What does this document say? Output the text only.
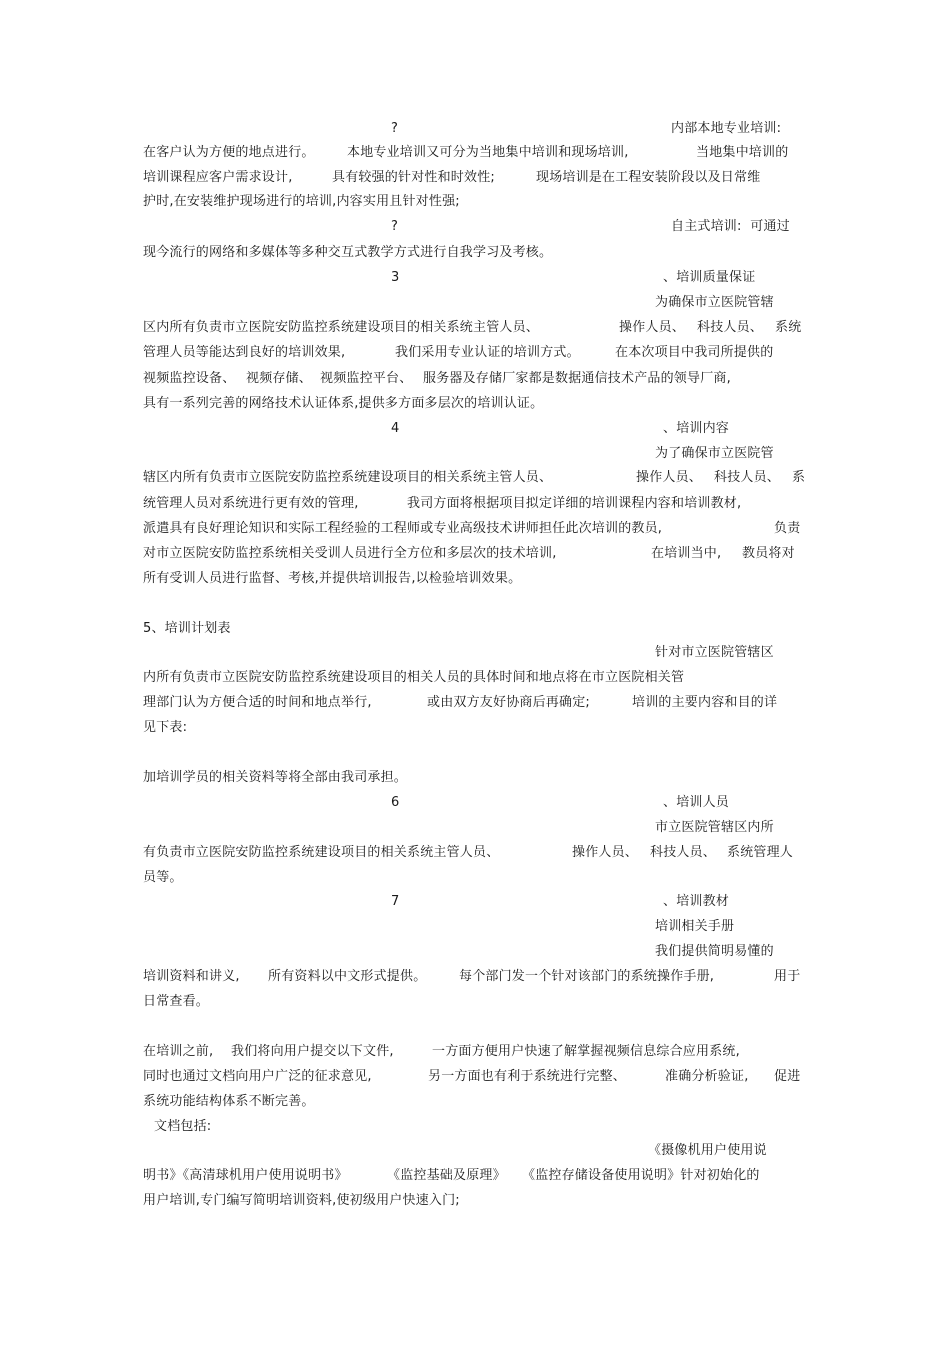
?	内部本地专业培训:
在客户认为方便的地点进行。 本地专业培训又可分为当地集中培训和现场培训,	当地集中培训的
培训课程应客户需求设计,	具有较强的针对性和时效性;	现场培训是在工程安装阶段以及日常维
护时,在安装维护现场进行的培训,内容实用且针对性强;
?	自主式培训:  可通过
现今流行的网络和多媒体等多种交互式教学方式进行自我学习及考核。
3	、培训质量保证
为确保市立医院管辖
区内所有负责市立医院安防监控系统建设项目的相关系统主管人员、	操作人员、 科技人员、 系统
管理人员等能达到良好的培训效果,	我们采用专业认证的培训方式。	在本次项目中我司所提供的
视频监控设备、 视频存储、 视频监控平台、 服务器及存储厂家都是数据通信技术产品的领导厂商,
具有一系列完善的网络技术认证体系,提供多方面多层次的培训认证。
4	、培训内容
为了确保市立医院管
辖区内所有负责市立医院安防监控系统建设项目的相关系统主管人员、	操作人员、 科技人员、 系
统管理人员对系统进行更有效的管理,	我司方面将根据项目拟定详细的培训课程内容和培训教材,
派遣具有良好理论知识和实际工程经验的工程师或专业高级技术讲师担任此次培训的教员,	负责
对市立医院安防监控系统相关受训人员进行全方位和多层次的技术培训,	在培训当中, 教员将对
所有受训人员进行监督、考核,并提供培训报告,以检验培训效果。
5、培训计划表
针对市立医院管辖区
内所有负责市立医院安防监控系统建设项目的相关人员的具体时间和地点将在市立医院相关管
理部门认为方便合适的时间和地点举行,	或由双方友好协商后再确定;	培训的主要内容和目的详
见下表:
加培训学员的相关资料等将全部由我司承担。
6	、培训人员
市立医院管辖区内所
有负责市立医院安防监控系统建设项目的相关系统主管人员、	操作人员、 科技人员、 系统管理人
员等。
7	、培训教材
培训相关手册
我们提供简明易懂的
培训资料和讲义, 所有资料以中文形式提供。	每个部门发一个针对该部门的系统操作手册,	用于
日常查看。
在培训之前, 我们将向用户提交以下文件,	一方面方便用户快速了解掌握视频信息综合应用系统,
同时也通过文档向用户广泛的征求意见,	另一方面也有利于系统进行完整、	准确分析验证, 促进
系统功能结构体系不断完善。
文档包括:
《摄像机用户使用说
明书》《高清球机用户使用说明书》	《监控基础及原理》 《监控存储设备使用说明》针对初始化的
用户培训,专门编写简明培训资料,使初级用户快速入门;
